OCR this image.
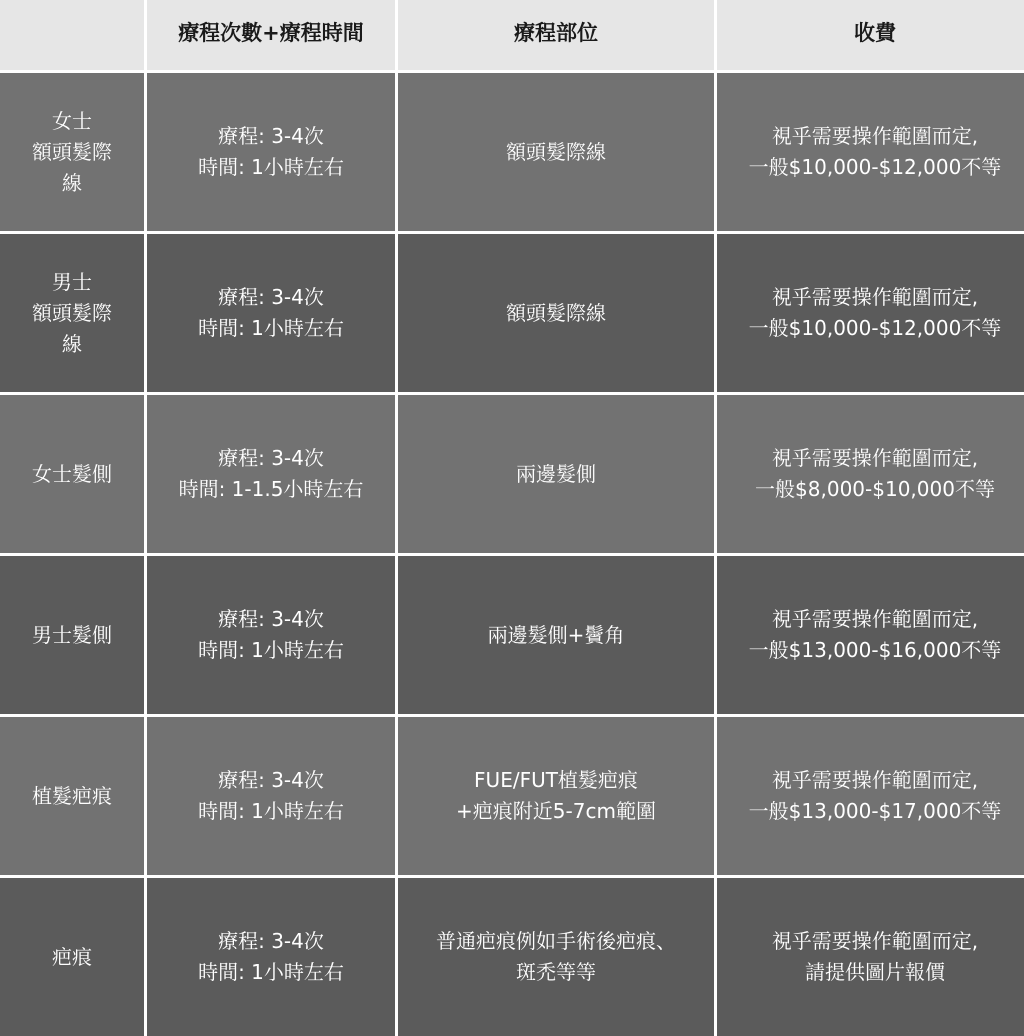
療程次數+療程時間	療程部位	收費
女士
額頭髮際
線
療程: 3-4次
時間: 1小時左右
額頭髮際線
視乎需要操作範圍而定,
一般$10,000-$12,000不等
男士
額頭髮際
線
療程: 3-4次
時間: 1小時左右
額頭髮際線
視乎需要操作範圍而定,
一般$10,000-$12,000不等
女士髮側
療程: 3-4次
時間: 1-1.5小時左右
兩邊髮側
視乎需要操作範圍而定,
一般$8,000-$10,000不等
男士髮側
療程: 3-4次
時間: 1小時左右
兩邊髮側+鬢角
視乎需要操作範圍而定,
一般$13,000-$16,000不等
植髮疤痕
療程: 3-4次
時間: 1小時左右
FUE/FUT植髮疤痕
+疤痕附近5-7cm範圍
視乎需要操作範圍而定,
一般$13,000-$17,000不等
疤痕
療程: 3-4次
時間: 1小時左右
普通疤痕例如手術後疤痕、
斑禿等等
視乎需要操作範圍而定,
請提供圖片報價
